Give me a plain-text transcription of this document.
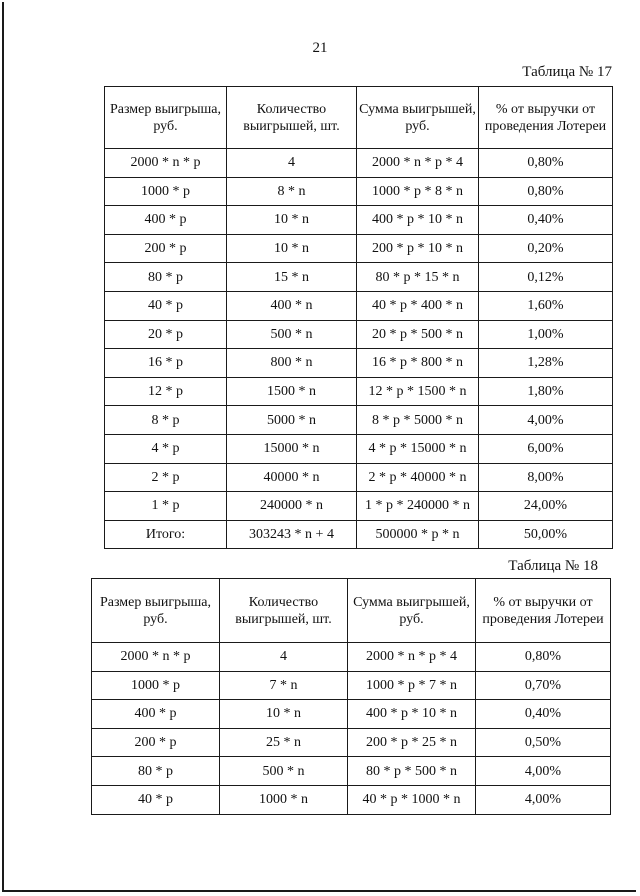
21
Таблица № 17
Размер выигрыша, руб.	Количество выигрышей, шт.	Сумма выигрышей, руб.	% от выручки от проведения Лотереи
2000 * n * p	4	2000 * n * p * 4	0,80%
1000 * p	8 * n	1000 * p * 8 * n	0,80%
400 * p	10 * n	400 * p * 10 * n	0,40%
200 * p	10 * n	200 * p * 10 * n	0,20%
80 * p	15 * n	80 * p * 15 * n	0,12%
40 * p	400 * n	40 * p * 400 * n	1,60%
20 * p	500 * n	20 * p * 500 * n	1,00%
16 * p	800 * n	16 * p * 800 * n	1,28%
12 * p	1500 * n	12 * p * 1500 * n	1,80%
8 * p	5000 * n	8 * p * 5000 * n	4,00%
4 * p	15000 * n	4 * p * 15000 * n	6,00%
2 * p	40000 * n	2 * p * 40000 * n	8,00%
1 * p	240000 * n	1 * p * 240000 * n	24,00%
Итого:	303243 * n + 4	500000 * p * n	50,00%
Таблица № 18
Размер выигрыша, руб.	Количество выигрышей, шт.	Сумма выигрышей, руб.	% от выручки от проведения Лотереи
2000 * n * p	4	2000 * n * p * 4	0,80%
1000 * p	7 * n	1000 * p * 7 * n	0,70%
400 * p	10 * n	400 * p * 10 * n	0,40%
200 * p	25 * n	200 * p * 25 * n	0,50%
80 * p	500 * n	80 * p * 500 * n	4,00%
40 * p	1000 * n	40 * p * 1000 * n	4,00%
